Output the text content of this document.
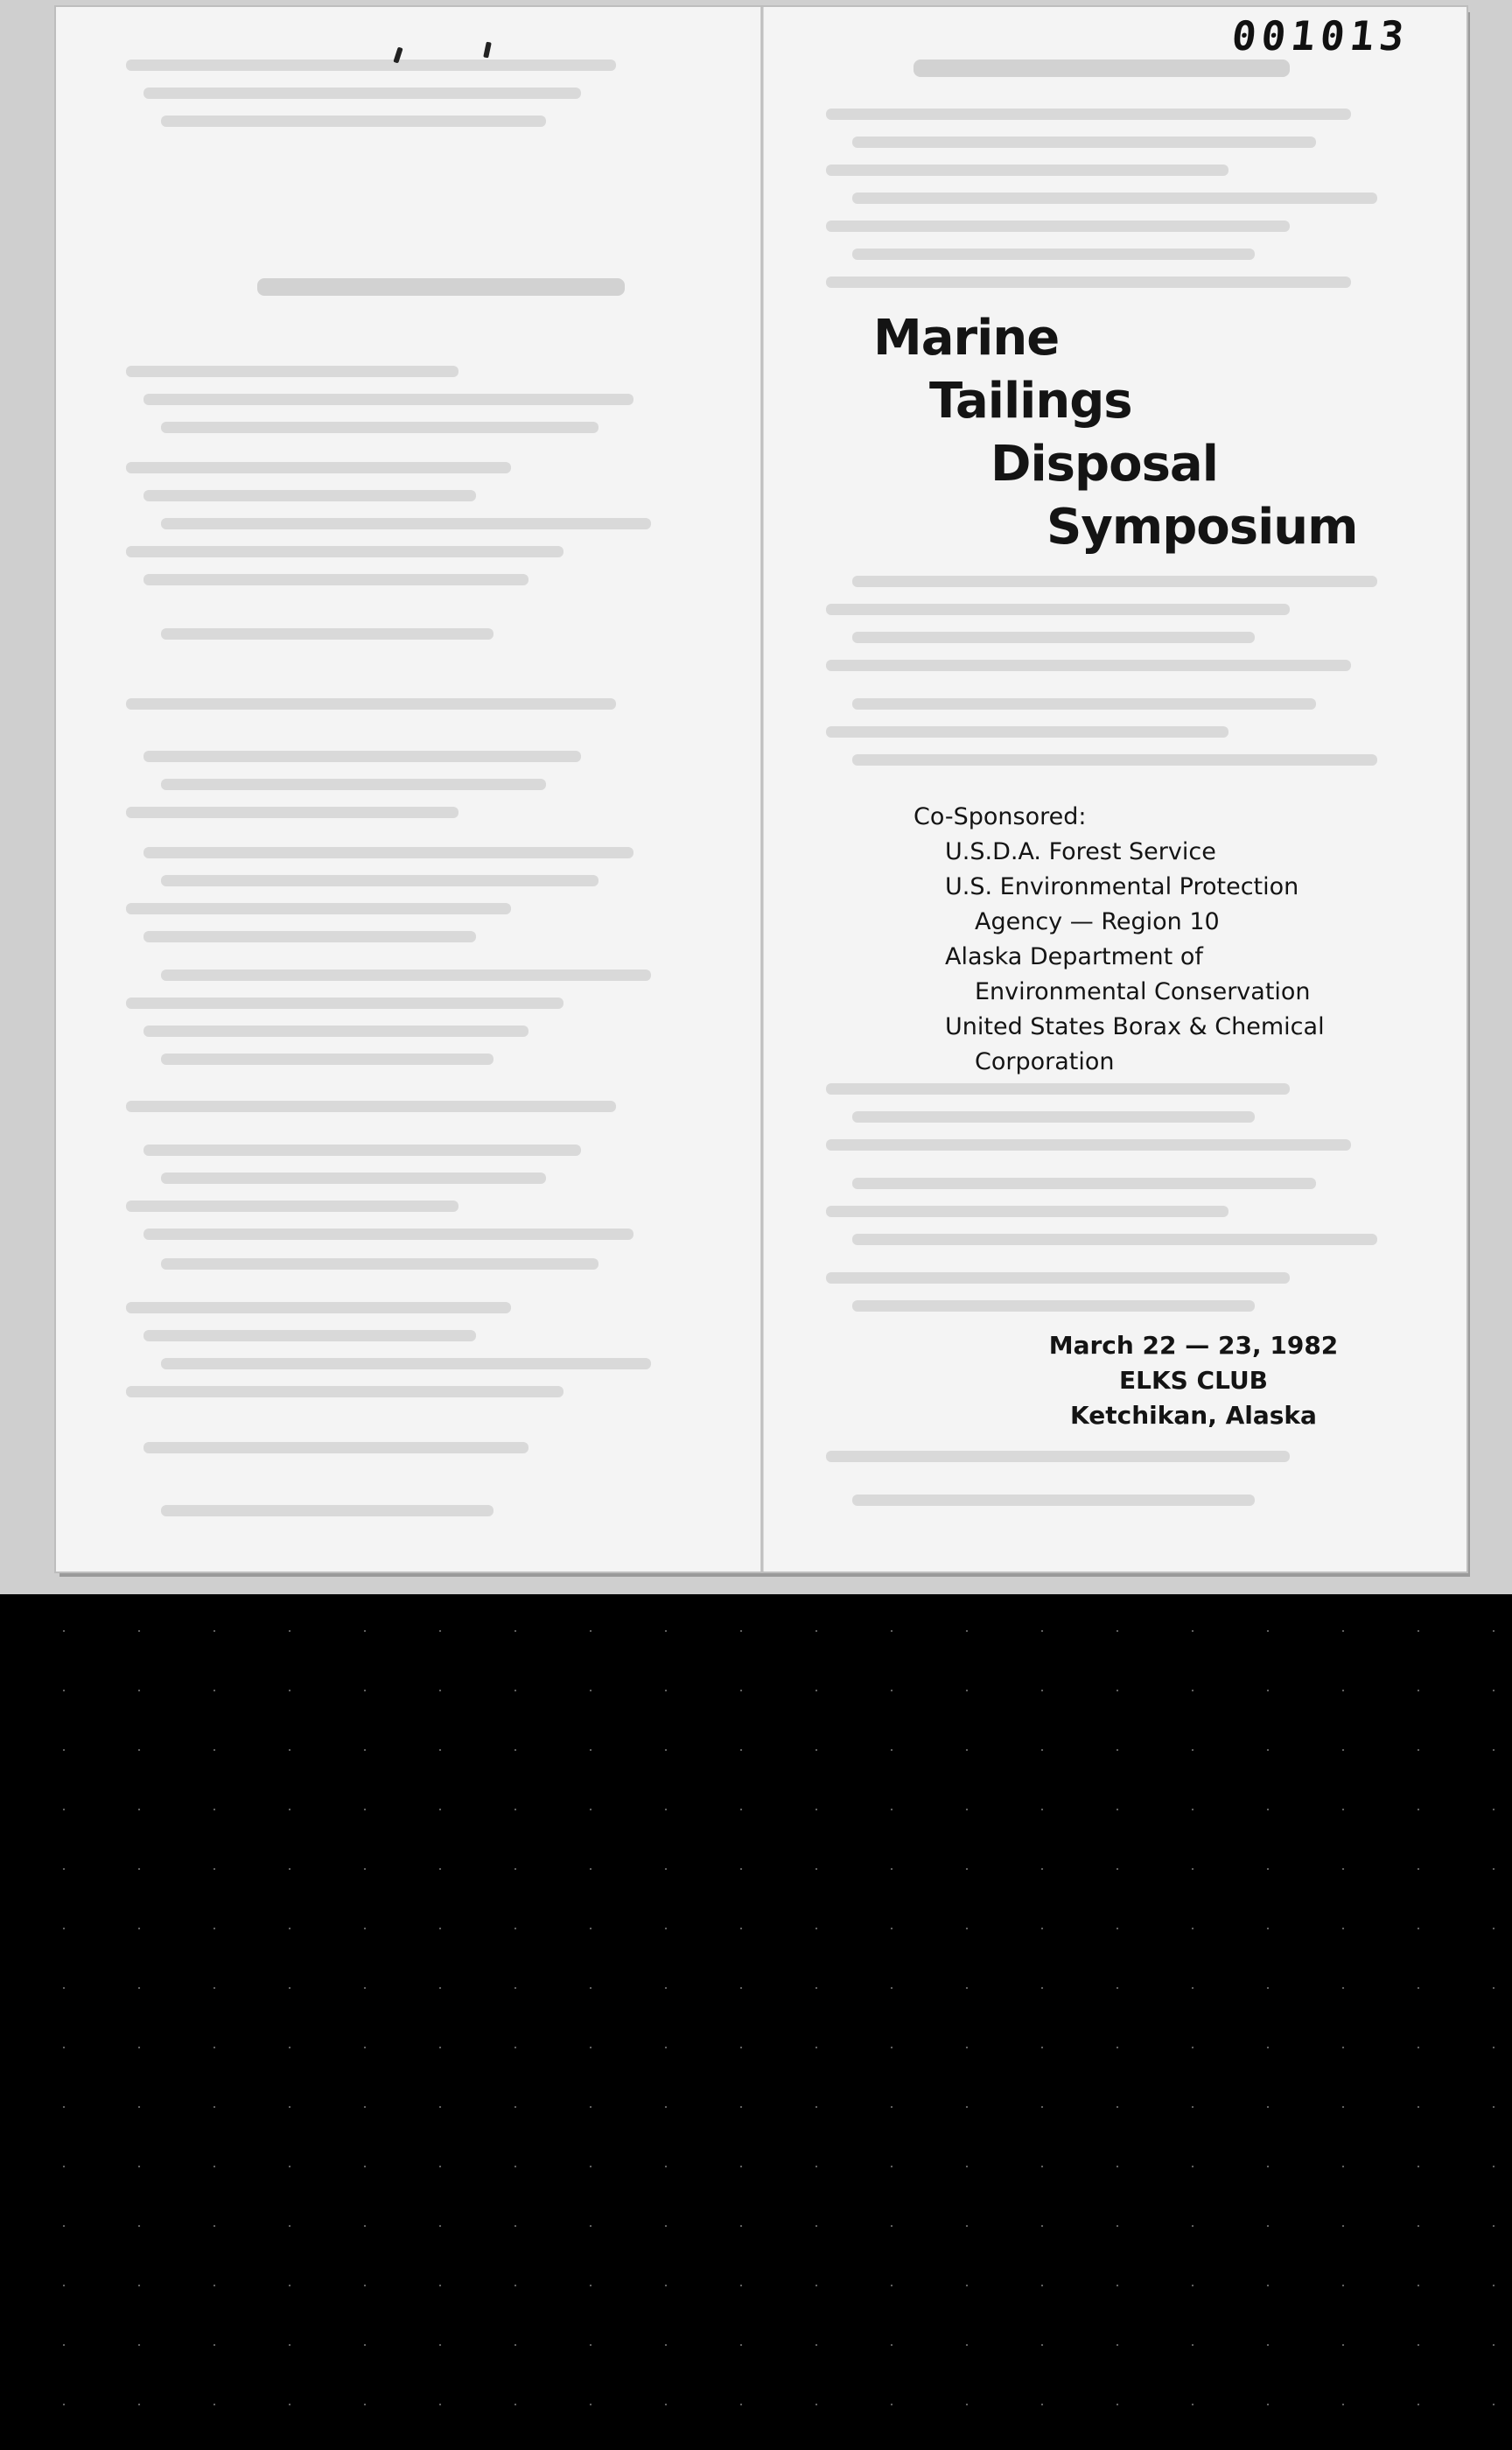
001013
Marine
Tailings
Disposal
Symposium
Co-Sponsored:
U.S.D.A. Forest Service
U.S. Environmental Protection
Agency — Region 10
Alaska Department of
Environmental Conservation
United States Borax & Chemical
Corporation
March 22 — 23, 1982
ELKS CLUB
Ketchikan, Alaska
